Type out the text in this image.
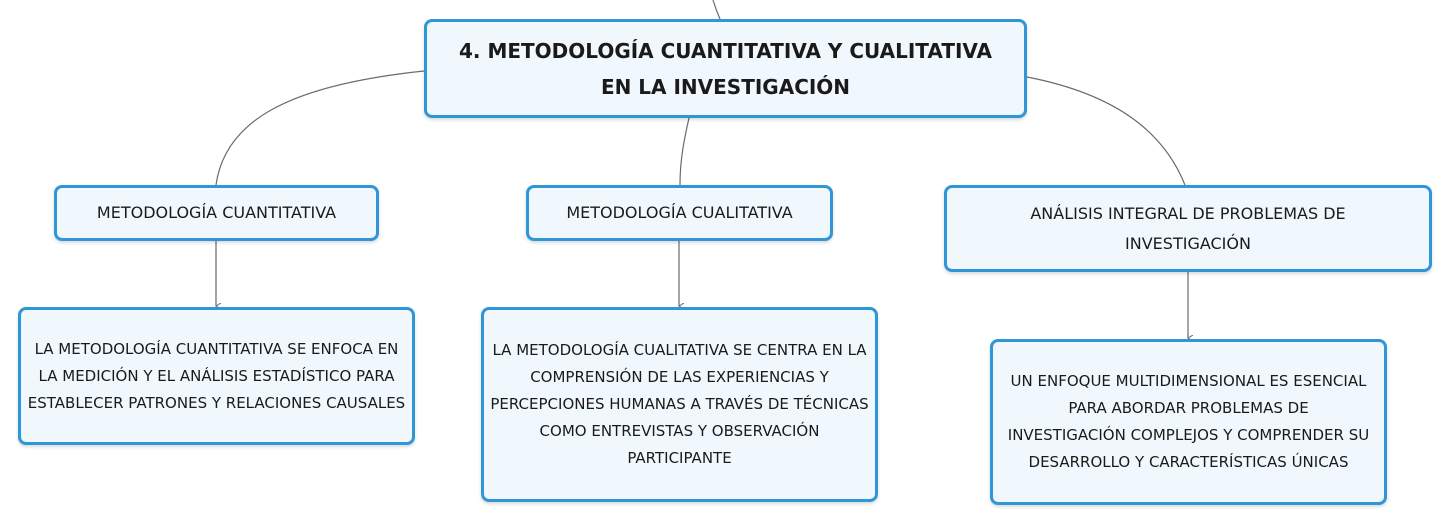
4. METODOLOGÍA CUANTITATIVA Y CUALITATIVA EN LA INVESTIGACIÓN
METODOLOGÍA CUANTITATIVA	METODOLOGÍA CUALITATIVA	ANÁLISIS INTEGRAL DE PROBLEMAS DE INVESTIGACIÓN
LA METODOLOGÍA CUANTITATIVA SE ENFOCA EN LA MEDICIÓN Y EL ANÁLISIS ESTADÍSTICO PARA ESTABLECER PATRONES Y RELACIONES CAUSALES
LA METODOLOGÍA CUALITATIVA SE CENTRA EN LA COMPRENSIÓN DE LAS EXPERIENCIAS Y PERCEPCIONES HUMANAS A TRAVÉS DE TÉCNICAS COMO ENTREVISTAS Y OBSERVACIÓN PARTICIPANTE
UN ENFOQUE MULTIDIMENSIONAL ES ESENCIAL PARA ABORDAR PROBLEMAS DE INVESTIGACIÓN COMPLEJOS Y COMPRENDER SU DESARROLLO Y CARACTERÍSTICAS ÚNICAS
